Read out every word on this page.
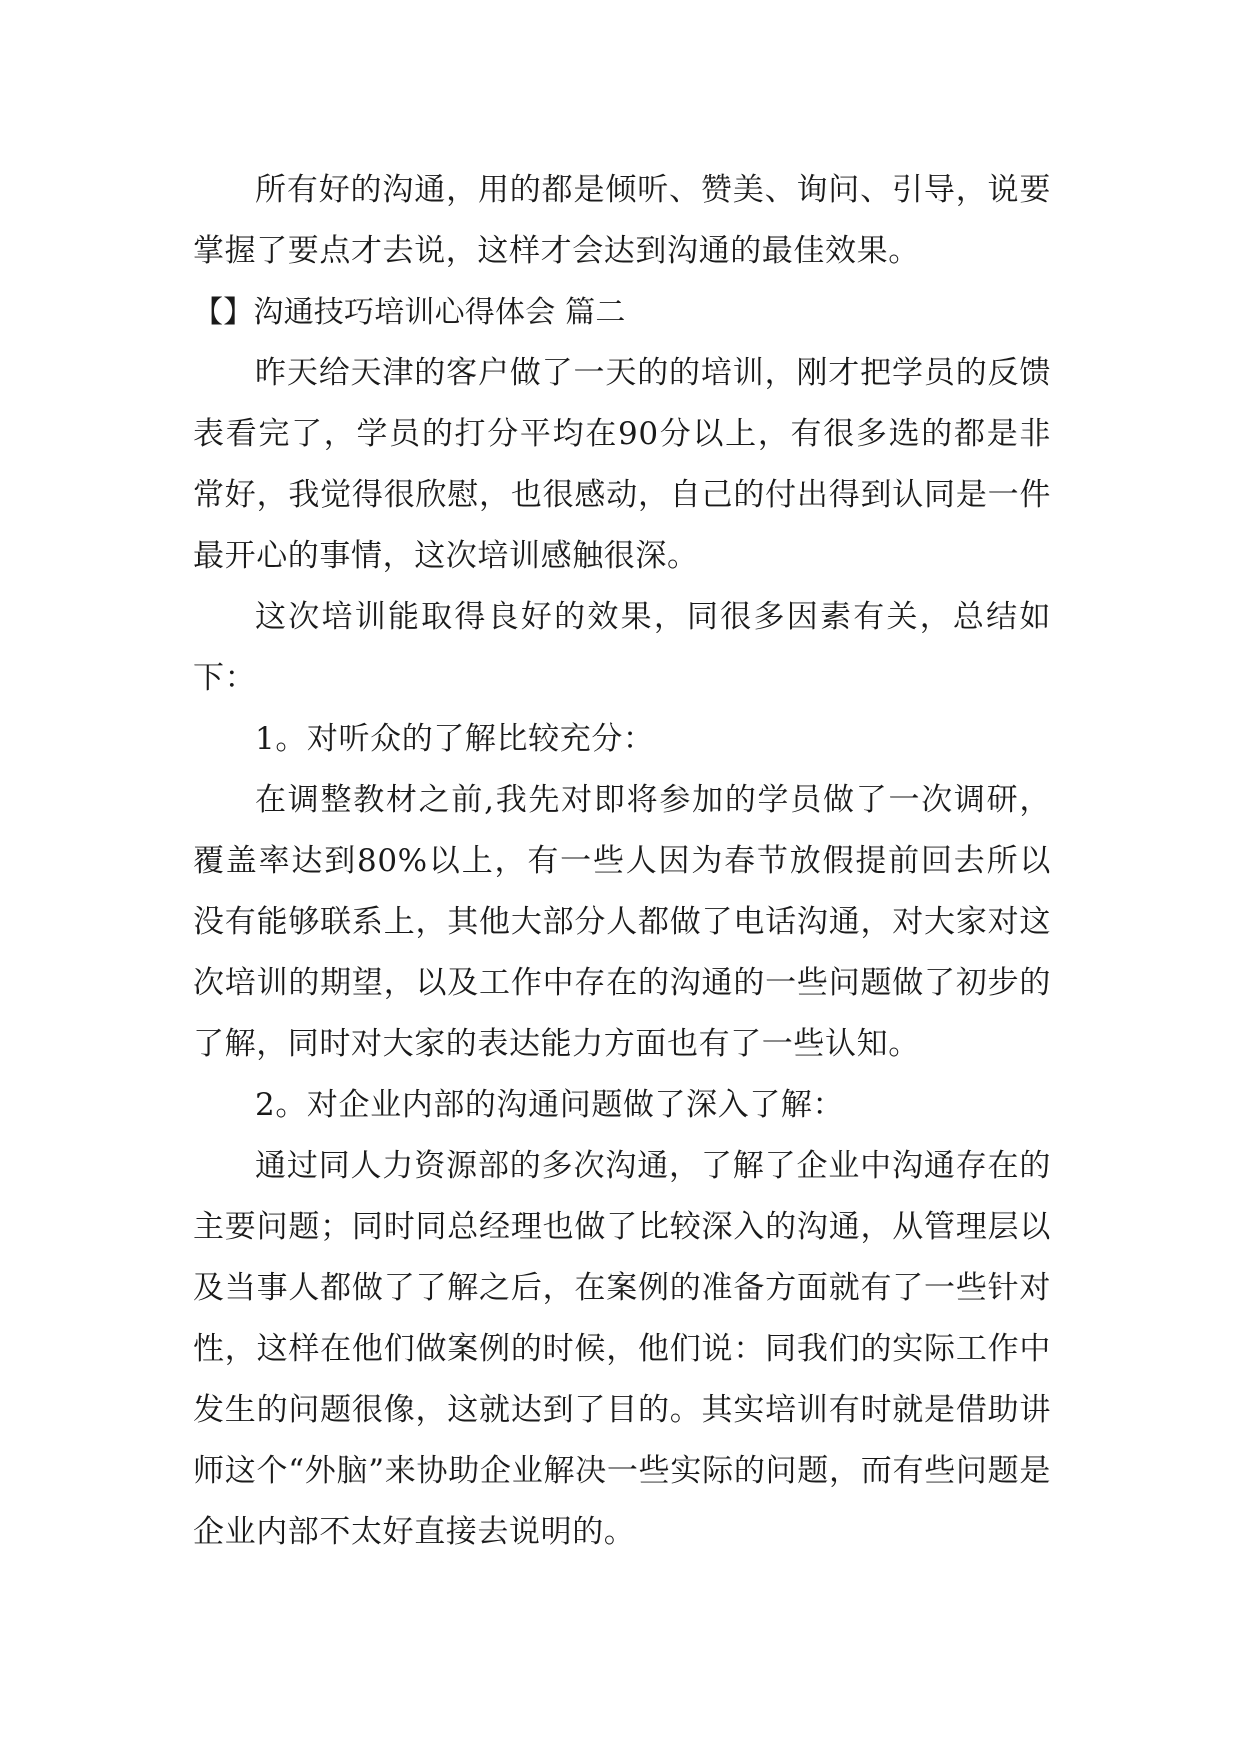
所有好的沟通，用的都是倾听、赞美、询问、引导，说要掌握了要点才去说，这样才会达到沟通的最佳效果。

【】沟通技巧培训心得体会 篇二

昨天给天津的客户做了一天的的培训，刚才把学员的反馈表看完了，学员的打分平均在90分以上，有很多选的都是非常好，我觉得很欣慰，也很感动，自己的付出得到认同是一件最开心的事情，这次培训感触很深。

这次培训能取得良好的效果，同很多因素有关，总结如下：

1。对听众的了解比较充分：

在调整教材之前,我先对即将参加的学员做了一次调研，覆盖率达到80%以上，有一些人因为春节放假提前回去所以没有能够联系上，其他大部分人都做了电话沟通，对大家对这次培训的期望，以及工作中存在的沟通的一些问题做了初步的了解，同时对大家的表达能力方面也有了一些认知。

2。对企业内部的沟通问题做了深入了解：

通过同人力资源部的多次沟通，了解了企业中沟通存在的主要问题；同时同总经理也做了比较深入的沟通，从管理层以及当事人都做了了解之后，在案例的准备方面就有了一些针对性，这样在他们做案例的时候，他们说：同我们的实际工作中发生的问题很像，这就达到了目的。其实培训有时就是借助讲师这个“外脑”来协助企业解决一些实际的问题，而有些问题是企业内部不太好直接去说明的。
